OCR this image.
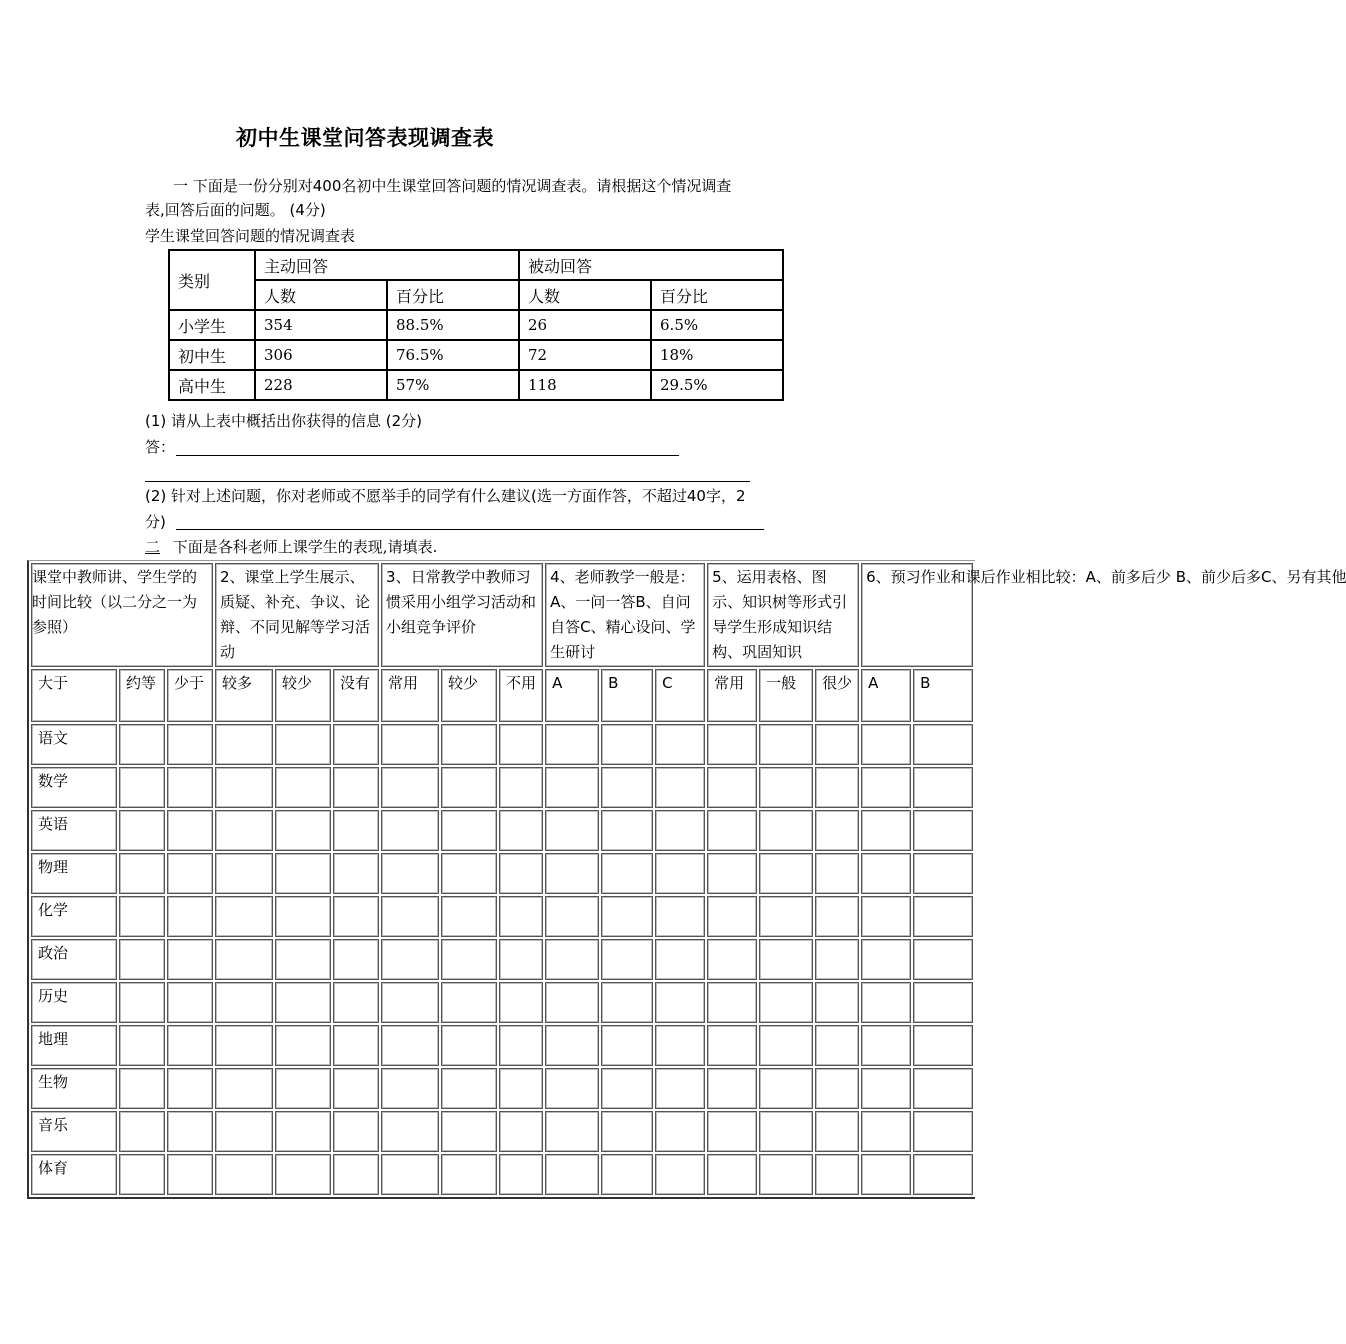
初中生课堂问答表现调查表
一 下面是一份分别对400名初中生课堂回答问题的情况调查表。请根据这个情况调查
表,回答后面的问题。 (4分)
学生课堂回答问题的情况调查表
类别	主动回答		被动回答	
	人数	百分比	人数	百分比
小学生	354	88.5%	26	6.5%
初中生	306	76.5%	72	18%
高中生	228	57%	118	29.5%
(1) 请从上表中概括出你获得的信息 (2分)
答：
(2) 针对上述问题，你对老师或不愿举手的同学有什么建议(选一方面作答，不超过40字，2
分)
二 下面是各科老师上课学生的表现,请填表.
课堂中教师讲、学生学的时间比较（以二分之一为参照）			2、课堂上学生展示、质疑、补充、争议、论辩、不同见解等学习活动			3、日常教学中教师习惯采用小组学习活动和小组竞争评价			4、老师教学一般是：A、一问一答B、自问自答C、精心设问、学生研讨			5、运用表格、图示、知识树等形式引导学生形成知识结构、巩固知识			6、预习作业和课后作业相比较：A、前多后少 B、前少后多C、另有其他	
大于	约等	少于	较多	较少	没有	常用	较少	不用	A	B	C	常用	一般	很少	A	B
语文																
数学																
英语																
物理																
化学																
政治																
历史																
地理																
生物																
音乐																
体育																
